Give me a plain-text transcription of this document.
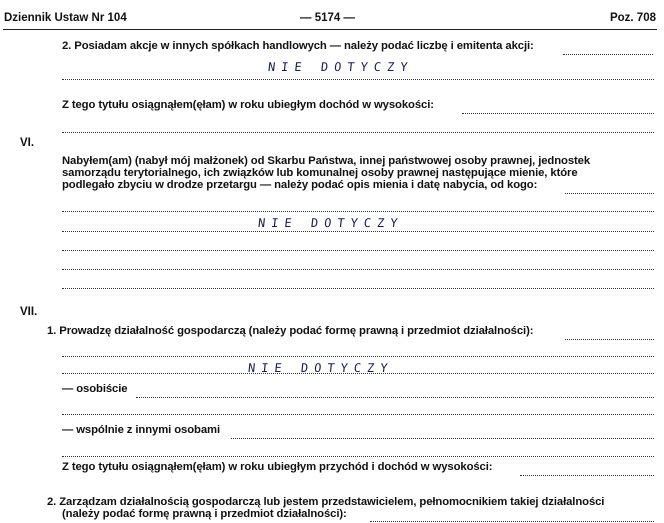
Dziennik Ustaw Nr 104	— 5174 —	Poz. 708
2. Posiadam akcje w innych spółkach handlowych — należy podać liczbę i emitenta akcji:
NIE DOTYCZY
Z tego tytułu osiągnąłem(ęłam) w roku ubiegłym dochód w wysokości:
VI.
Nabyłem(am) (nabył mój małżonek) od Skarbu Państwa, innej państwowej osoby prawnej, jednostek
samorządu terytorialnego, ich związków lub komunalnej osoby prawnej następujące mienie, które
podlegało zbyciu w drodze przetargu — należy podać opis mienia i datę nabycia, od kogo:
NIE DOTYCZY
VII.
1. Prowadzę działalność gospodarczą (należy podać formę prawną i przedmiot działalności):
NIE DOTYCZY
— osobiście
— wspólnie z innymi osobami
Z tego tytułu osiągnąłem(ęłam) w roku ubiegłym przychód i dochód w wysokości:
2. Zarządzam działalnością gospodarczą lub jestem przedstawicielem, pełnomocnikiem takiej działalności
(należy podać formę prawną i przedmiot działalności):
